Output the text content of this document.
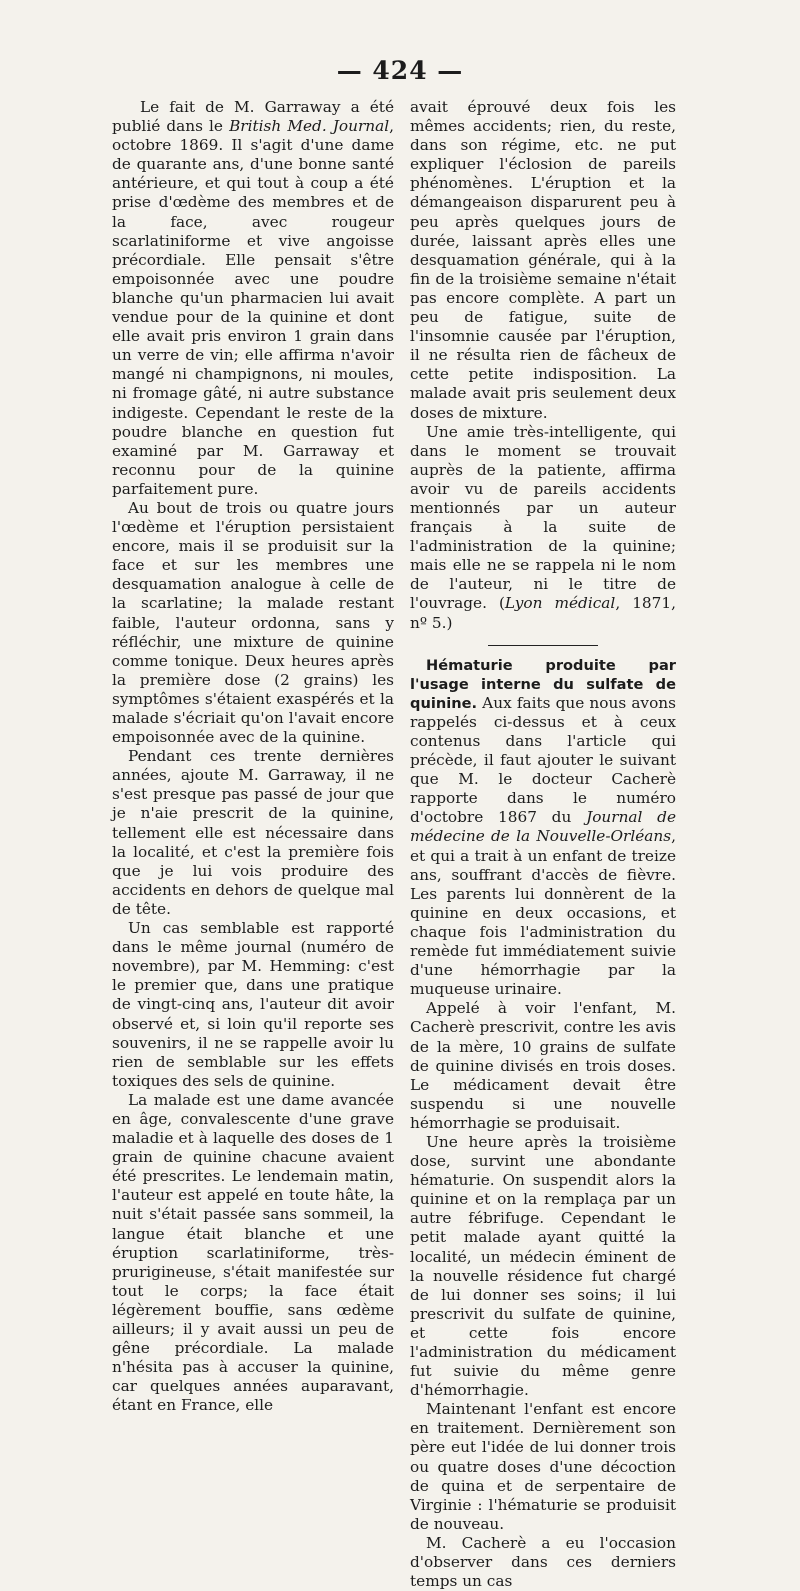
— 424 —

Le fait de M. Garraway a été publié dans le British Med. Journal, octobre 1869. Il s'agit d'une dame de quarante ans, d'une bonne santé antérieure, et qui tout à coup a été prise d'œdème des membres et de la face, avec rougeur scarlatiniforme et vive angoisse précordiale. Elle pensait s'être empoisonnée avec une poudre blanche qu'un pharmacien lui avait vendue pour de la quinine et dont elle avait pris environ 1 grain dans un verre de vin; elle affirma n'avoir mangé ni champignons, ni moules, ni fromage gâté, ni autre substance indigeste. Cependant le reste de la poudre blanche en question fut examiné par M. Garraway et reconnu pour de la quinine parfaitement pure.

Au bout de trois ou quatre jours l'œdème et l'éruption persistaient encore, mais il se produisit sur la face et sur les membres une desquamation analogue à celle de la scarlatine; la malade restant faible, l'auteur ordonna, sans y réfléchir, une mixture de quinine comme tonique. Deux heures après la première dose (2 grains) les symptômes s'étaient exaspérés et la malade s'écriait qu'on l'avait encore empoisonnée avec de la quinine.

Pendant ces trente dernières années, ajoute M. Garraway, il ne s'est presque pas passé de jour que je n'aie prescrit de la quinine, tellement elle est nécessaire dans la localité, et c'est la première fois que je lui vois produire des accidents en dehors de quelque mal de tête.

Un cas semblable est rapporté dans le même journal (numéro de novembre), par M. Hemming: c'est le premier que, dans une pratique de vingt-cinq ans, l'auteur dit avoir observé et, si loin qu'il reporte ses souvenirs, il ne se rappelle avoir lu rien de semblable sur les effets toxiques des sels de quinine.

La malade est une dame avancée en âge, convalescente d'une grave maladie et à laquelle des doses de 1 grain de quinine chacune avaient été prescrites. Le lendemain matin, l'auteur est appelé en toute hâte, la nuit s'était passée sans sommeil, la langue était blanche et une éruption scarlatiniforme, très-prurigineuse, s'était manifestée sur tout le corps; la face était légèrement bouffie, sans œdème ailleurs; il y avait aussi un peu de gêne précordiale. La malade n'hésita pas à accuser la quinine, car quelques années auparavant, étant en France, elle

avait éprouvé deux fois les mêmes accidents; rien, du reste, dans son régime, etc. ne put expliquer l'éclosion de pareils phénomènes. L'éruption et la démangeaison disparurent peu à peu après quelques jours de durée, laissant après elles une desquamation générale, qui à la fin de la troisième semaine n'était pas encore complète. A part un peu de fatigue, suite de l'insomnie causée par l'éruption, il ne résulta rien de fâcheux de cette petite indisposition. La malade avait pris seulement deux doses de mixture.

Une amie très-intelligente, qui dans le moment se trouvait auprès de la patiente, affirma avoir vu de pareils accidents mentionnés par un auteur français à la suite de l'administration de la quinine; mais elle ne se rappela ni le nom de l'auteur, ni le titre de l'ouvrage. (Lyon médical, 1871, nº 5.)

Hématurie produite par l'usage interne du sulfate de quinine. Aux faits que nous avons rappelés ci-dessus et à ceux contenus dans l'article qui précède, il faut ajouter le suivant que M. le docteur Cacherè rapporte dans le numéro d'octobre 1867 du Journal de médecine de la Nouvelle-Orléans, et qui a trait à un enfant de treize ans, souffrant d'accès de fièvre. Les parents lui donnèrent de la quinine en deux occasions, et chaque fois l'administration du remède fut immédiatement suivie d'une hémorrhagie par la muqueuse urinaire.

Appelé à voir l'enfant, M. Cacherè prescrivit, contre les avis de la mère, 10 grains de sulfate de quinine divisés en trois doses. Le médicament devait être suspendu si une nouvelle hémorrhagie se produisait.

Une heure après la troisième dose, survint une abondante hématurie. On suspendit alors la quinine et on la remplaça par un autre fébrifuge. Cependant le petit malade ayant quitté la localité, un médecin éminent de la nouvelle résidence fut chargé de lui donner ses soins; il lui prescrivit du sulfate de quinine, et cette fois encore l'administration du médicament fut suivie du même genre d'hémorrhagie.

Maintenant l'enfant est encore en traitement. Dernièrement son père eut l'idée de lui donner trois ou quatre doses d'une décoction de quina et de serpentaire de Virginie : l'hématurie se produisit de nouveau.

M. Cacherè a eu l'occasion d'observer dans ces derniers temps un cas
